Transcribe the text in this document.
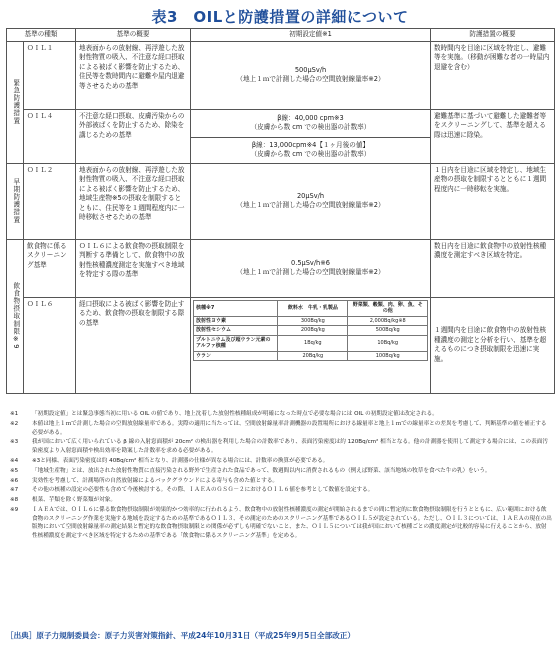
表3　OILと防護措置の詳細について
基準の種類	基準の概要	初期設定値※1	防護措置の概要
緊急防護措置	ＯＩＬ１	地表面からの放射線、再浮遊した放射性物質の吸入、不注意な経口摂取による被ばく影響を防止するため、住民等を数時間内に避難や屋内退避等させるための基準	
500μSv/h
（地上１ｍで計測した場合の空間放射線量率※2）
	数時間内を目途に区域を特定し、避難等を実施。（移動が困難な者の一時屋内退避を含む）
ＯＩＬ４	不注意な経口摂取、皮膚汚染からの外部被ばくを防止するため、除染を講じるための基準	
β線：40,000 cpm※3
（皮膚から数 cm での検出器の計数率）
	避難基準に基づいて避難した避難者等をスクリーニングして、基準を超える際は迅速に除染。

β線：13,000cpm※4【１ヶ月後の値】
（皮膚から数 cm での検出器の計数率）

早期防護措置	ＯＩＬ２	地表面からの放射線、再浮遊した放射性物質の吸入、不注意な経口摂取による被ばく影響を防止するため、地域生産物※5の摂取を制限するとともに、住民等を１週間程度内に一時移転させるための基準	
20μSv/h
（地上１ｍで計測した場合の空間放射線量率※2）
	１日内を目途に区域を特定し、地域生産物の摂取を制限するとともに１週間程度内に一時移転を実施。
飲食物摂取制限※9	飲食物に係るスクリーニング基準	ＯＩＬ６による飲食物の摂取制限を判断する準備として、飲食物中の放射性核種濃度測定を実施すべき地域を特定する際の基準	
0.5μSv/h※6
（地上１ｍで計測した場合の空間放射線量率※2）
	数日内を目途に飲食物中の放射性核種濃度を測定すべき区域を特定。
ＯＩＬ６	経口摂取による被ばく影響を防止するため、飲食物の摂取を制限する際の基準	
核種※7	飲料水　牛乳・乳製品	野菜類、穀類、肉、卵、魚、その他
放射性ヨウ素	300Bq/kg	2,000Bq/kg※8
放射性セシウム	200Bq/kg	500Bq/kg
プルトニウム及び超ウラン元素のアルファ核種	1Bq/kg	10Bq/kg
ウラン	20Bq/kg	100Bq/kg
	１週間内を目途に飲食物中の放射性核種濃度の測定と分析を行い、基準を超えるものにつき摂取制限を迅速に実施。
※1	「初期設定値」とは緊急事態当初に用いる OIL の値であり、地上沈着した放射性核種組成が明確になった時点で必要な場合には OIL の初期設定値は改定される。
※2	本値は地上１ｍで計測した場合の空間放射線量率である。実際の適用に当たっては、空間放射線量率計測機器の設置場所における線量率と地上１ｍでの線量率との差異を考慮して、判断基準の値を補正する必要がある。
※3	我が国において広く用いられている β 線の入射窓面積が 20cm² の検出器を利用した場合の計数率であり、表面汚染密度は約 120Bq/cm² 相当となる。他の計測器を使用して測定する場合には、この表面汚染密度より入射窓面積や検出効率を勘案した計数率を求める必要がある。
※4	※3と同様、表面汚染密度は約 40Bq/cm² 相当となり、計測器の仕様が異なる場合には、計数率の換算が必要である。
※5	「地域生産物」とは、放出された放射性物質に直接汚染される野外で生産された食品であって、数週間以内に消費されるもの（例えば野菜、該当地域の牧草を食べた牛の乳）をいう。
※6	実効性を考慮して、計測場所の自然放射線によるバックグラウンドによる寄与も含めた値とする。
※7	その他の核種の設定の必要性も含めて今後検討する。その際、ＩＡＥＡのＧＳＧ－２におけるＯＩＬ６値を参考として数値を設定する。
※8	根菜、芋類を除く野菜類が対象。
※9	ＩＡＥＡでは、ＯＩＬ６に係る飲食物摂取制限が効果的かつ効率的に行われるよう、飲食物中の放射性核種濃度の測定が開始されるまでの間に暫定的に飲食物摂取制限を行うとともに、広い範囲における飲食物のスクリーニング作業を実施する地域を設定するための基準であるＯＩＬ３、その測定のためのスクリーニング基準であるＯＩＬ５が設定されている。ただし、ＯＩＬ３については、ＩＡＥＡの現在の出版物において空間放射線量率の測定結果と暫定的な飲食物摂取制限との関係が必ずしも明確でないこと、また、ＯＩＬ５については我が国において核種ごとの濃度測定が比較的容易に行えることから、放射性核種濃度を測定すべき区域を特定するための基準である「飲食物に係るスクリーニング基準」を定める。
［出典］原子力規制委員会：原子力災害対策指針、平成24年10月31日（平成25年9月5日全部改正）
